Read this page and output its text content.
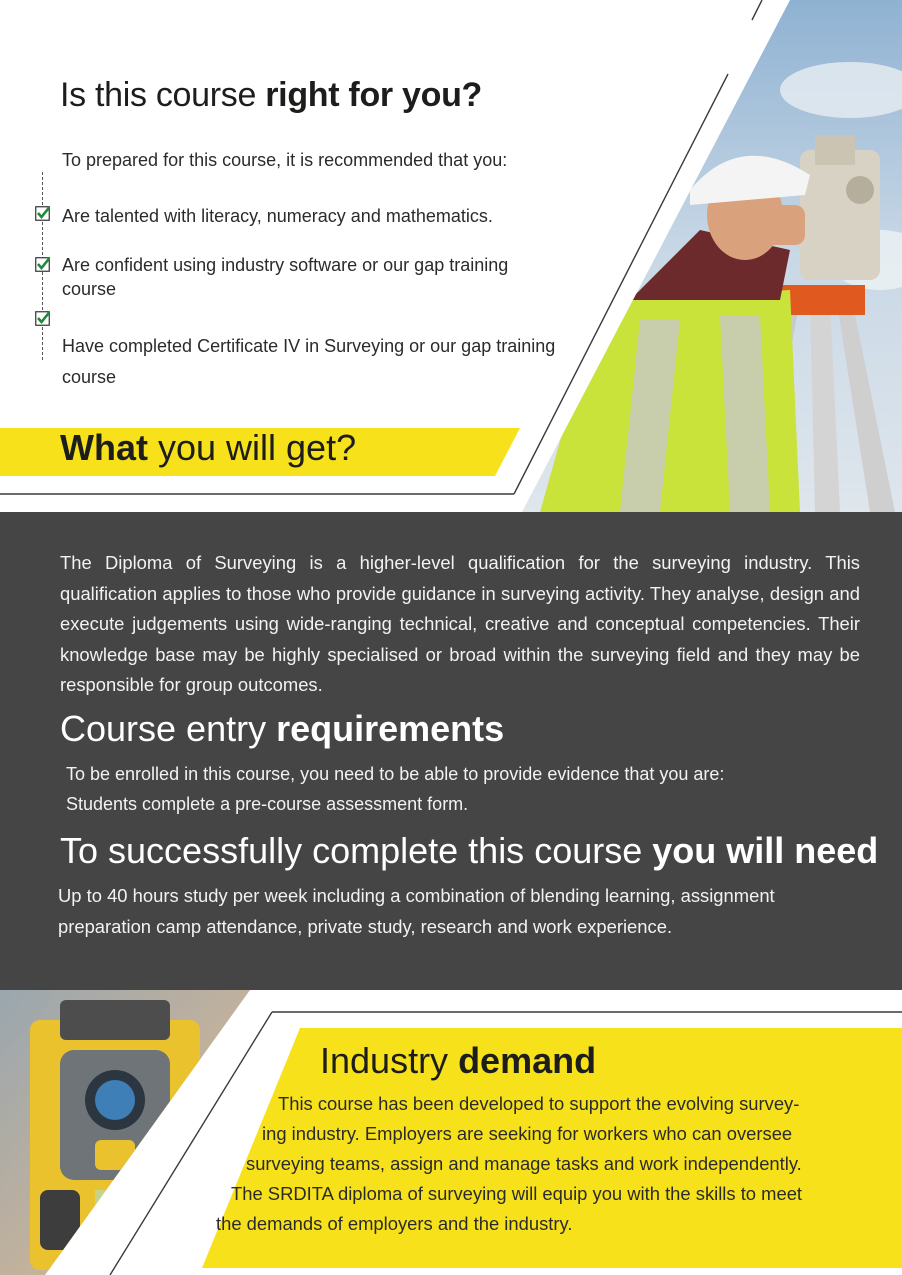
Is this course right for you?
To prepared for this course, it is recommended that you:
Are talented with literacy, numeracy and mathematics.
Are confident using industry software or our gap training course
Have completed Certificate IV in Surveying or our gap training course
What you will get?
The Diploma of Surveying is a higher-level qualification for the surveying industry. This qualification applies to those who provide guidance in surveying activity. They analyse, design and execute judgements using wide-ranging technical, creative and conceptual competencies. Their knowledge base may be highly specialised or broad within the surveying field and they may be responsible for group outcomes.
Course entry requirements
To be enrolled in this course, you need to be able to provide evidence that you are:
Students complete a pre-course assessment form.
To successfully complete this course you will need
Up to 40 hours study per week including a combination of blending learning, assignment preparation camp attendance, private study, research and work experience.
Industry demand
This course has been developed to support the evolving survey-
ing industry. Employers are seeking for workers who can oversee
surveying teams, assign and manage tasks and work independently.
The SRDITA diploma of surveying will equip you with the skills to meet
the demands of employers and the industry.
